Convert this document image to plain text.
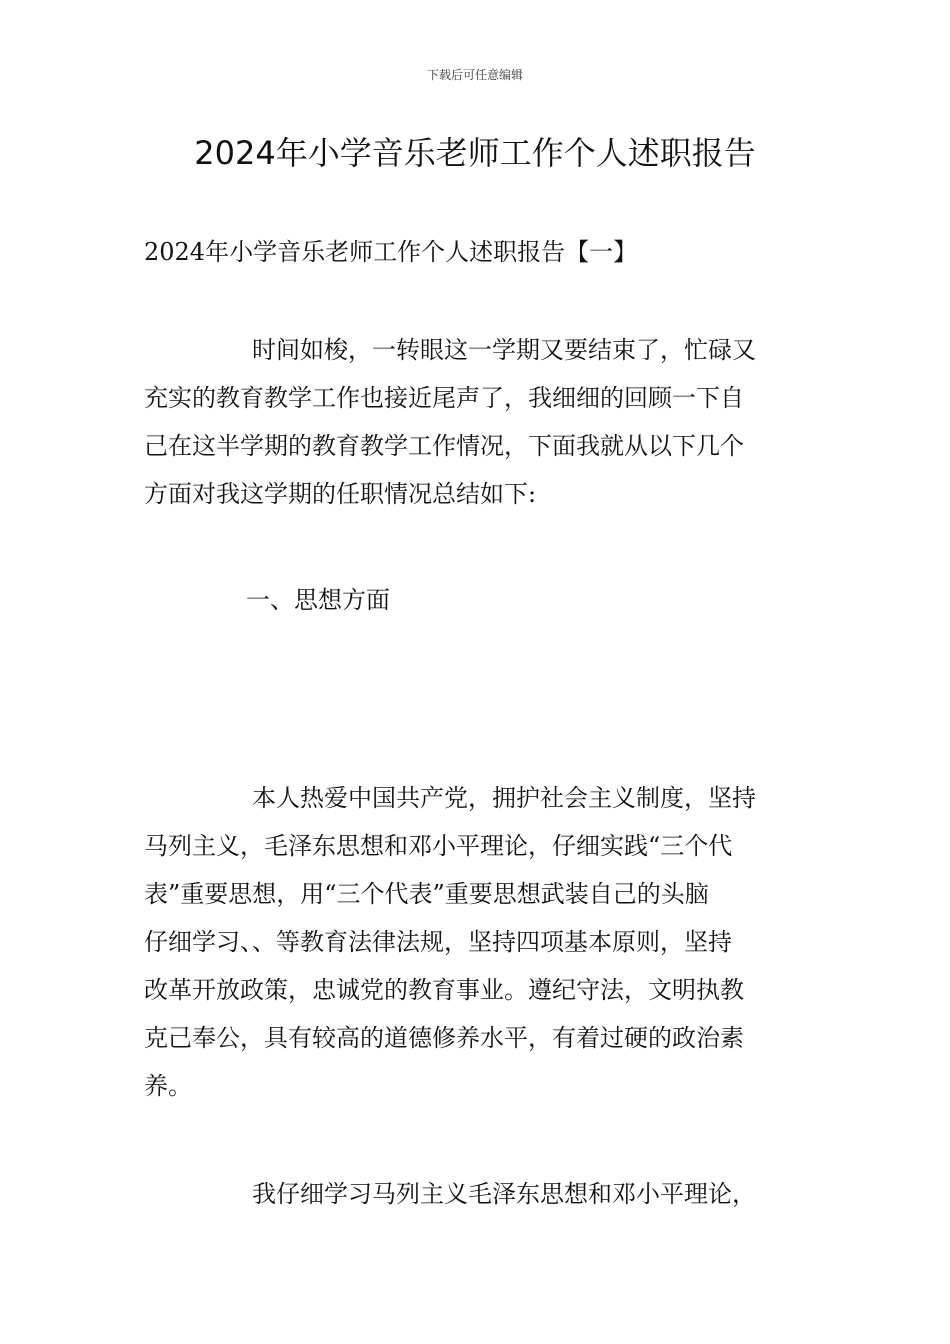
下载后可任意编辑
2024年小学音乐老师工作个人述职报告

2024年小学音乐老师工作个人述职报告【一】

时间如梭，一转眼这一学期又要结束了，忙碌又
充实的教育教学工作也接近尾声了，我细细的回顾一下自
己在这半学期的教育教学工作情况，下面我就从以下几个
方面对我这学期的任职情况总结如下:

一、思想方面

本人热爱中国共产党，拥护社会主义制度，坚持
马列主义，毛泽东思想和邓小平理论，仔细实践“三个代
表”重要思想，用“三个代表”重要思想武装自己的头脑
仔细学习、、等教育法律法规，坚持四项基本原则，坚持
改革开放政策，忠诚党的教育事业。遵纪守法，文明执教
克己奉公，具有较高的道德修养水平，有着过硬的政治素
养。

我仔细学习马列主义毛泽东思想和邓小平理论，
